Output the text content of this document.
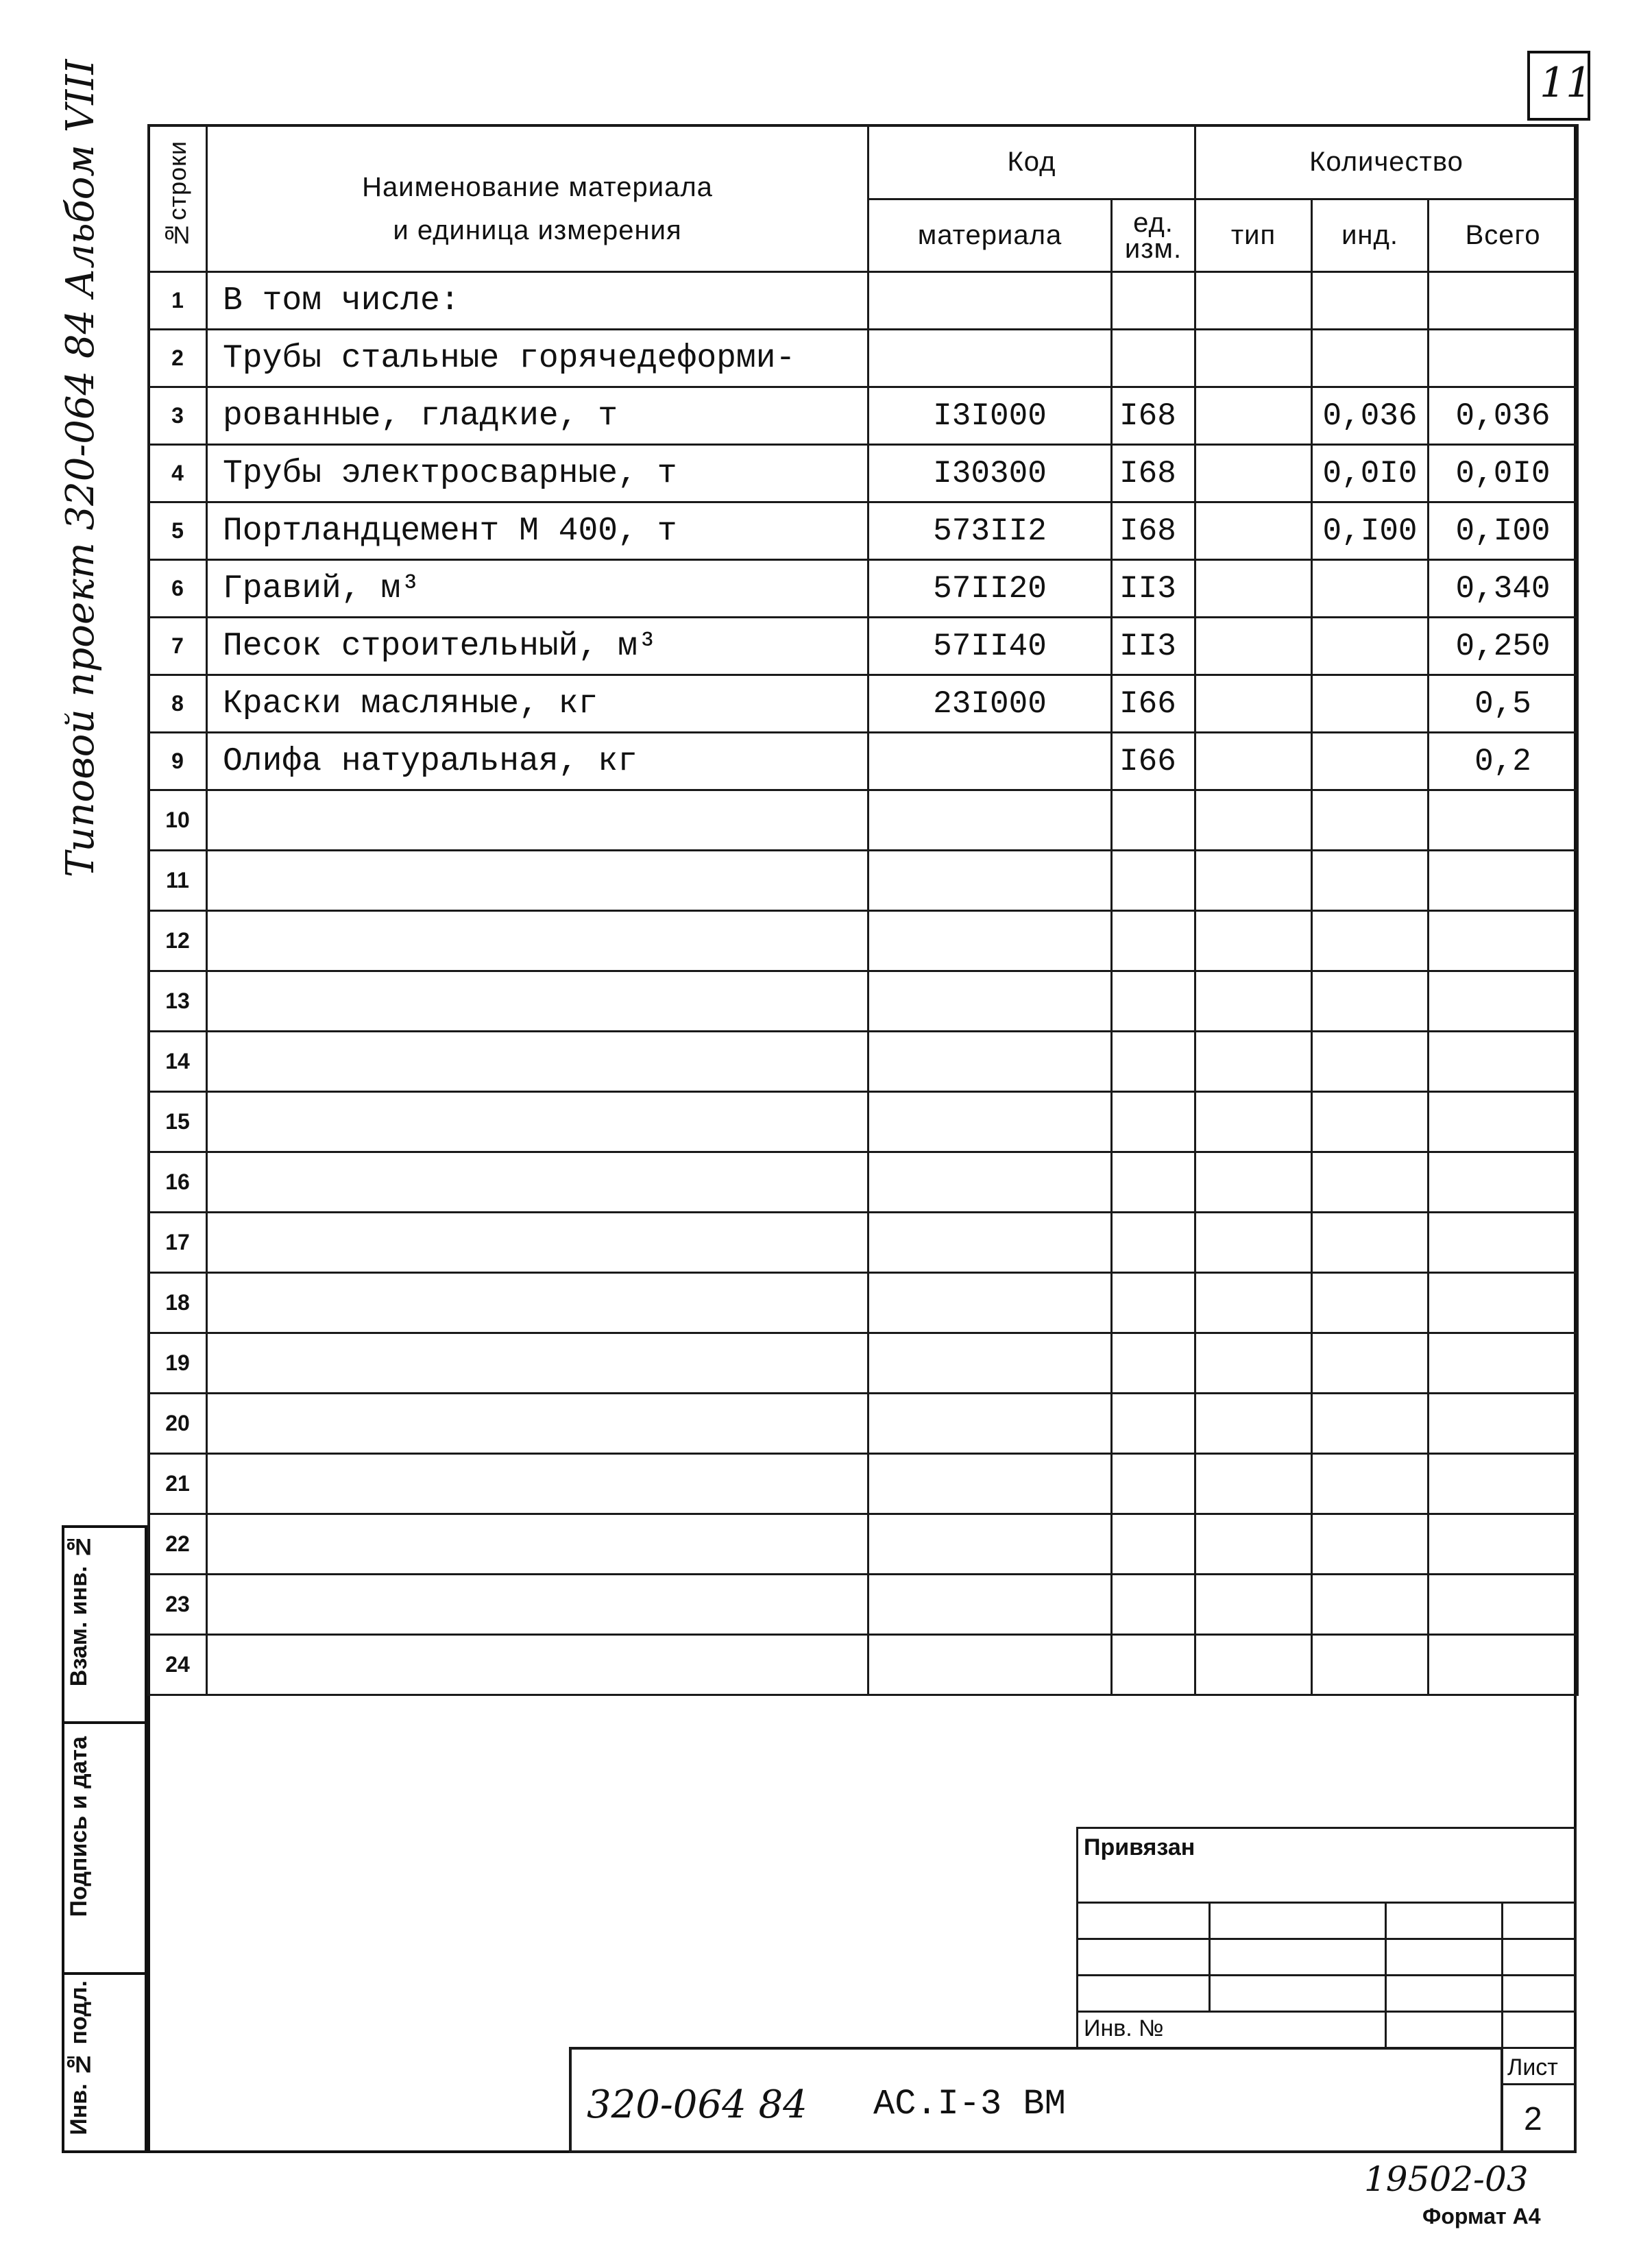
11
Типовой проект 320-064 84 Альбом VIII №строки	Наименование материала
и единица измерения	Код		Количество		
		материала	ед. изм.	тип	инд.	Всего
1	В том числе:					
2	Трубы стальные горячедеформи-					
3	рованные, гладкие, т	I3I000	I68		0,036	0,036
4	Трубы электросварные, т	I30300	I68		0,0I0	0,0I0
5	Портландцемент М 400, т	573II2	I68		0,I00	0,I00
6	Гравий, м³	57II20	II3			0,340
7	Песок строительный, м³	57II40	II3			0,250
8	Краски масляные, кг	23I000	I66			0,5
9	Олифа натуральная, кг		I66			0,2
10						
11						
12						
13						
14						
15						
16						
17						
18						
19						
20						
21						
22						
23						
24						
Взам. инв. №
Подпись и дата
Инв. № подл.
Привязан
Инв. №
320-064 84 АС.I-3 ВМ
Лист
2
19502-03
Формат А4
